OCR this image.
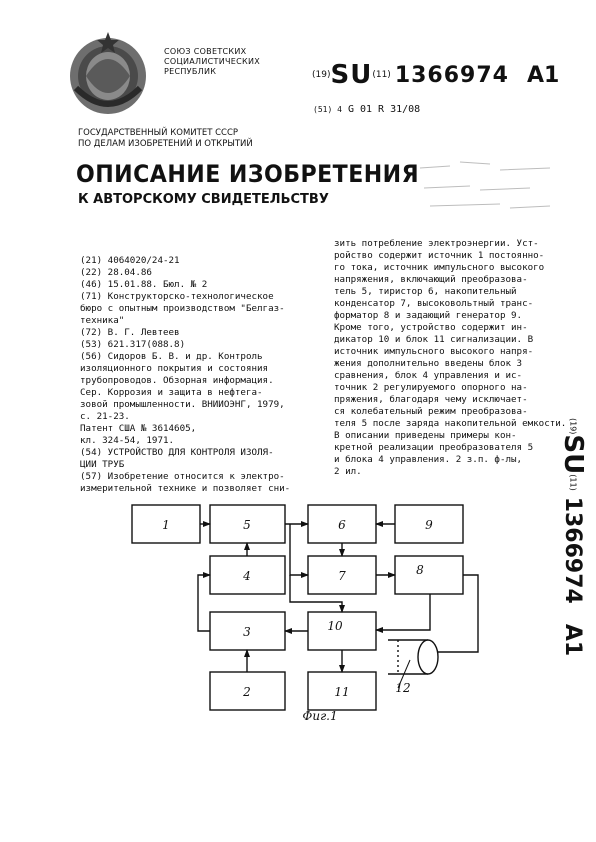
СОЮЗ СОВЕТСКИХ
СОЦИАЛИСТИЧЕСКИХ
РЕСПУБЛИК	(19)SU(11) 1366974 A1
(51) 4 G 01 R 31/08
ГОСУДАРСТВЕННЫЙ КОМИТЕТ СССР
ПО ДЕЛАМ ИЗОБРЕТЕНИЙ И ОТКРЫТИЙ
ОПИСАНИЕ ИЗОБРЕТЕНИЯ
К АВТОРСКОМУ СВИДЕТЕЛЬСТВУ
(21) 4064020/24-21
(22) 28.04.86
(46) 15.01.88. Бюл. № 2
(71) Конструкторско-технологическое
бюро с опытным производством "Белгаз-
техника"
(72) В. Г. Левтеев
(53) 621.317(088.8)
(56) Сидоров Б. В. и др. Контроль
изоляционного покрытия и состояния
трубопроводов. Обзорная информация.
Сер. Коррозия и защита в нефтега-
зовой промышленности. ВНИИОЭНГ, 1979,
с. 21-23.
Патент США № 3614605,
кл. 324-54, 1971.
(54) УСТРОЙСТВО ДЛЯ КОНТРОЛЯ ИЗОЛЯ-
ЦИИ ТРУБ
(57) Изобретение относится к электро-
измерительной технике и позволяет сни-
зить потребление электроэнергии. Уст-
ройство содержит источник 1 постоянно-
го тока, источник импульсного высокого
напряжения, включающий преобразова-
тель 5, тиристор 6, накопительный
конденсатор 7, высоковольтный транс-
форматор 8 и задающий генератор 9.
Кроме того, устройство содержит ин-
дикатор 10 и блок 11 сигнализации. В
источник импульсного высокого напря-
жения дополнительно введены блок 3
сравнения, блок 4 управления и ис-
точник 2 регулируемого опорного на-
пряжения, благодаря чему исключает-
ся колебательный режим преобразова-
теля 5 после заряда накопительной емкости.
В описании приведены примеры кон-
кретной реализации преобразователя 5
и блока 4 управления. 2 з.п. ф-лы,
2 ил.
(19)SU(11)1366974A1
1	5	6	9
4	7	8
3	10
2	11	12
Фиг.1
